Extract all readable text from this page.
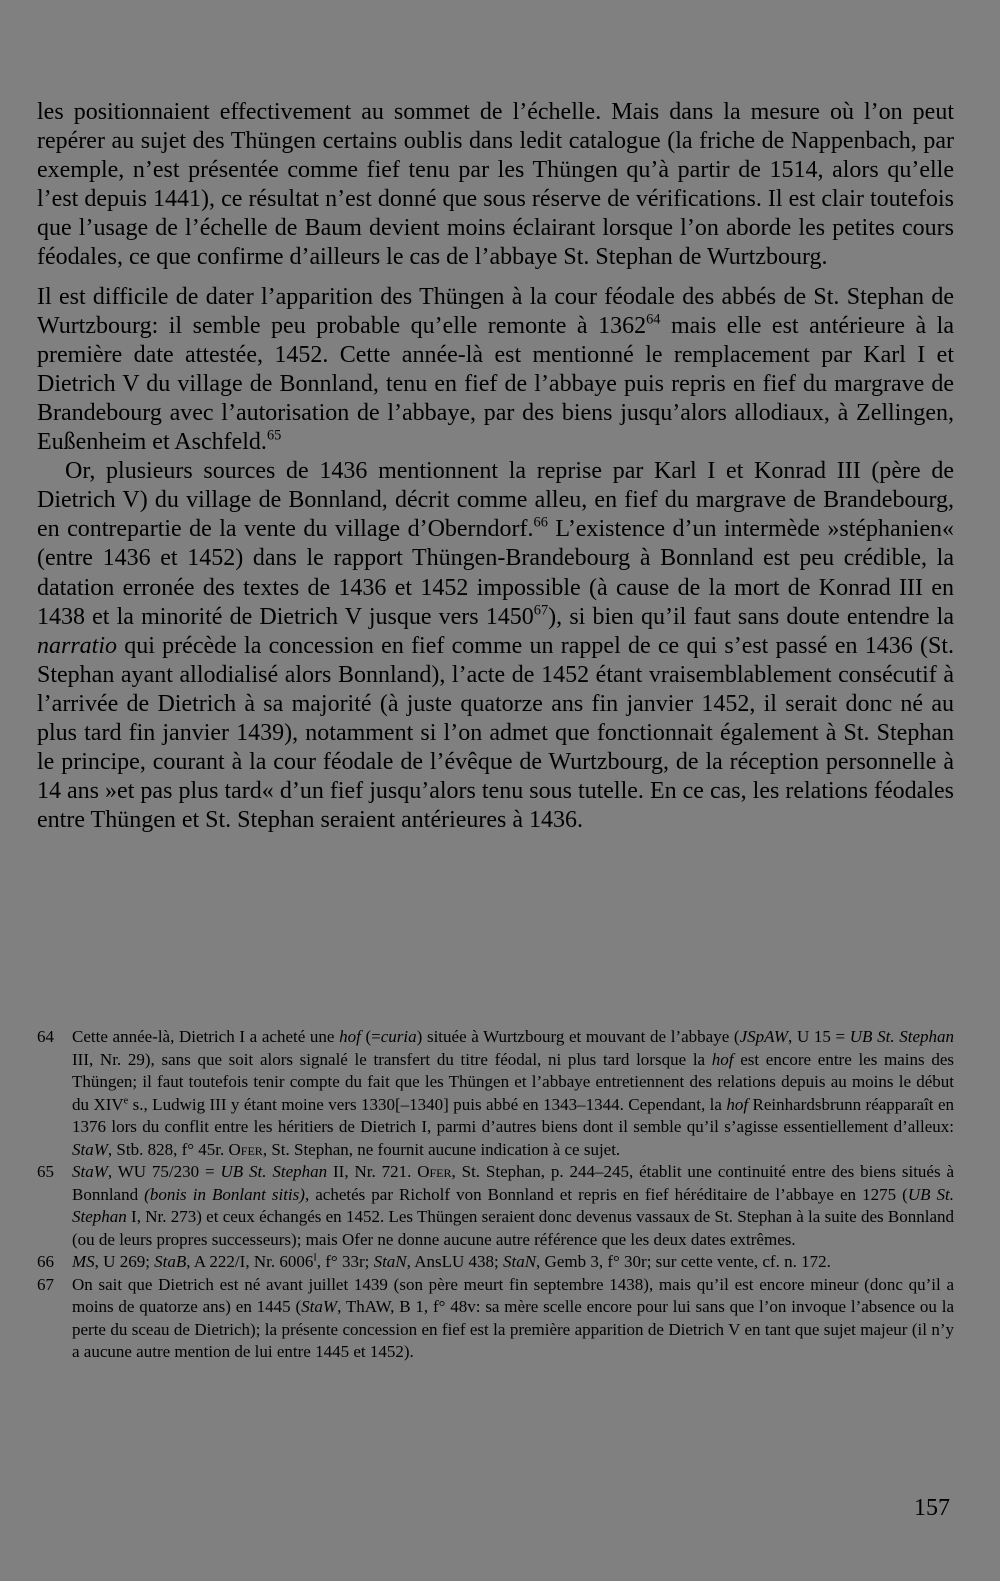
les positionnaient effectivement au sommet de l’échelle. Mais dans la mesure où l’on peut repérer au sujet des Thüngen certains oublis dans ledit catalogue (la friche de Nappenbach, par exemple, n’est présentée comme fief tenu par les Thüngen qu’à partir de 1514, alors qu’elle l’est depuis 1441), ce résultat n’est donné que sous réserve de vérifications. Il est clair toutefois que l’usage de l’échelle de Baum devient moins éclairant lorsque l’on aborde les petites cours féodales, ce que confirme d’ailleurs le cas de l’abbaye St. Stephan de Wurtzbourg.

Il est difficile de dater l’apparition des Thüngen à la cour féodale des abbés de St. Stephan de Wurtzbourg: il semble peu probable qu’elle remonte à 1362$^{64}$ mais elle est antérieure à la première date attestée, 1452. Cette année-là est mentionné le remplacement par Karl I et Dietrich V du village de Bonnland, tenu en fief de l’abbaye puis repris en fief du margrave de Brandebourg avec l’autorisation de l’abbaye, par des biens jusqu’alors allodiaux, à Zellingen, Eußenheim et Aschfeld.$^{65}$

Or, plusieurs sources de 1436 mentionnent la reprise par Karl I et Konrad III (père de Dietrich V) du village de Bonnland, décrit comme alleu, en fief du margrave de Brandebourg, en contrepartie de la vente du village d’Oberndorf.$^{66}$ L’existence d’un intermède »stéphanien« (entre 1436 et 1452) dans le rapport Thüngen-Brandebourg à Bonnland est peu crédible, la datation erronée des textes de 1436 et 1452 impossible (à cause de la mort de Konrad III en 1438 et la minorité de Dietrich V jusque vers 1450$^{67}$), si bien qu’il faut sans doute entendre la narratio qui précède la concession en fief comme un rappel de ce qui s’est passé en 1436 (St. Stephan ayant allodialisé alors Bonnland), l’acte de 1452 étant vraisemblablement consécutif à l’arrivée de Dietrich à sa majorité (à juste quatorze ans fin janvier 1452, il serait donc né au plus tard fin janvier 1439), notamment si l’on admet que fonctionnait également à St. Stephan le principe, courant à la cour féodale de l’évêque de Wurtzbourg, de la réception personnelle à 14 ans »et pas plus tard« d’un fief jusqu’alors tenu sous tutelle. En ce cas, les relations féodales entre Thüngen et St. Stephan seraient antérieures à 1436.

64	Cette année-là, Dietrich I a acheté une hof (=curia) située à Wurtzbourg et mouvant de l’abbaye (JSpAW, U 15 = UB St. Stephan III, Nr. 29), sans que soit alors signalé le transfert du titre féodal, ni plus tard lorsque la hof est encore entre les mains des Thüngen; il faut toutefois tenir compte du fait que les Thüngen et l’abbaye entretiennent des relations depuis au moins le début du XIVe s., Ludwig III y étant moine vers 1330[–1340] puis abbé en 1343–1344. Cependant, la hof Reinhardsbrunn réapparaît en 1376 lors du conflit entre les héritiers de Dietrich I, parmi d’autres biens dont il semble qu’il s’agisse essentiellement d’alleux: StaW, Stb. 828, f° 45r. Ofer, St. Stephan, ne fournit aucune indication à ce sujet.
65	StaW, WU 75/230 = UB St. Stephan II, Nr. 721. Ofer, St. Stephan, p. 244–245, établit une continuité entre des biens situés à Bonnland (bonis in Bonlant sitis), achetés par Richolf von Bonnland et repris en fief héréditaire de l’abbaye en 1275 (UB St. Stephan I, Nr. 273) et ceux échangés en 1452. Les Thüngen seraient donc devenus vassaux de St. Stephan à la suite des Bonnland (ou de leurs propres successeurs); mais Ofer ne donne aucune autre référence que les deux dates extrêmes.
66	MS, U 269; StaB, A 222/I, Nr. $6006^I$, f° 33r; StaN, AnsLU 438; StaN, Gemb 3, f° 30r; sur cette vente, cf. n. 172.
67	On sait que Dietrich est né avant juillet 1439 (son père meurt fin septembre 1438), mais qu’il est encore mineur (donc qu’il a moins de quatorze ans) en 1445 (StaW, ThAW, B 1, f° 48v: sa mère scelle encore pour lui sans que l’on invoque l’absence ou la perte du sceau de Dietrich); la présente concession en fief est la première apparition de Dietrich V en tant que sujet majeur (il n’y a aucune autre mention de lui entre 1445 et 1452).
157
